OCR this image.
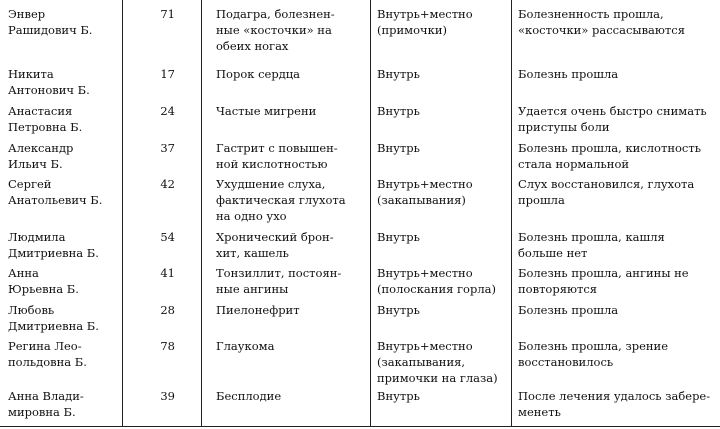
Энвер
Рашидович Б.	71	Подагра, болезнен-
ные «косточки» на
обеих ногах	Внутрь+местно
(примочки)	Болезненность прошла,
«косточки» рассасываются

Никита
Антонович Б.	17	Порок сердца	Внутрь	Болезнь прошла

Анастасия
Петровна Б.	24	Частые мигрени	Внутрь	Удается очень быстро снимать
приступы боли

Александр
Ильич Б.	37	Гастрит с повышен-
ной кислотностью	Внутрь	Болезнь прошла, кислотность
стала нормальной

Сергей
Анатольевич Б.	42	Ухудшение слуха,
фактическая глухота
на одно ухо	Внутрь+местно
(закапывания)	Слух восстановился, глухота
прошла

Людмила
Дмитриевна Б.	54	Хронический брон-
хит, кашель	Внутрь	Болезнь прошла, кашля
больше нет

Анна
Юрьевна Б.	41	Тонзиллит, постоян-
ные ангины	Внутрь+местно
(полоскания горла)	Болезнь прошла, ангины не
повторяются

Любовь
Дмитриевна Б.	28	Пиелонефрит	Внутрь	Болезнь прошла

Регина Лео-
польдовна Б.	78	Глаукома	Внутрь+местно
(закапывания,
примочки на глаза)	Болезнь прошла, зрение
восстановилось

Анна Влади-
мировна Б.	39	Бесплодие	Внутрь	После лечения удалось забере-
менеть
